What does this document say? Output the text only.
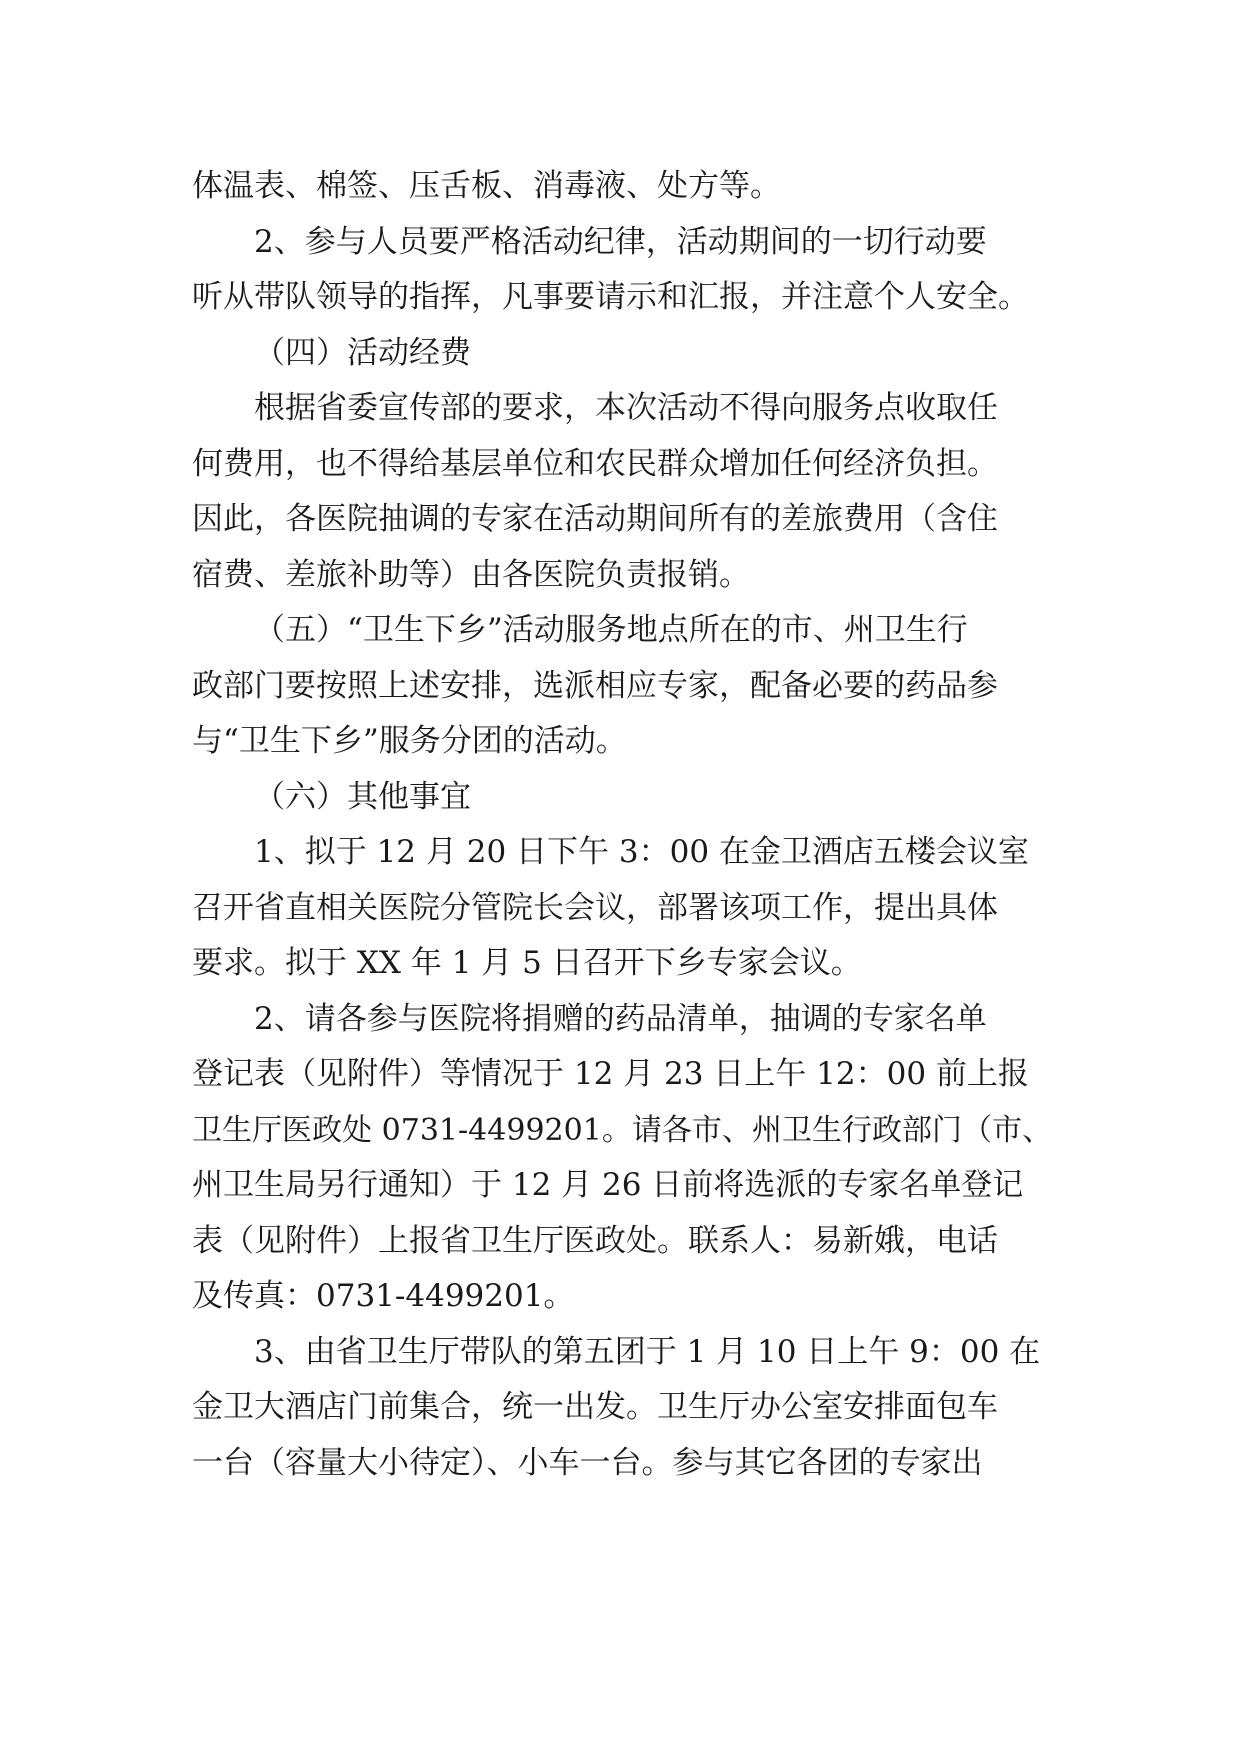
体温表、棉签、压舌板、消毒液、处方等。
2、参与人员要严格活动纪律，活动期间的一切行动要
听从带队领导的指挥，凡事要请示和汇报，并注意个人安全。
（四）活动经费
根据省委宣传部的要求，本次活动不得向服务点收取任
何费用，也不得给基层单位和农民群众增加任何经济负担。
因此，各医院抽调的专家在活动期间所有的差旅费用（含住
宿费、差旅补助等）由各医院负责报销。
（五）“卫生下乡”活动服务地点所在的市、州卫生行
政部门要按照上述安排，选派相应专家，配备必要的药品参
与“卫生下乡”服务分团的活动。
（六）其他事宜
1、拟于 12 月 20 日下午 3：00 在金卫酒店五楼会议室
召开省直相关医院分管院长会议，部署该项工作，提出具体
要求。拟于 XX 年 1 月 5 日召开下乡专家会议。
2、请各参与医院将捐赠的药品清单，抽调的专家名单
登记表（见附件）等情况于 12 月 23 日上午 12：00 前上报
卫生厅医政处 0731-4499201。请各市、州卫生行政部门（市、
州卫生局另行通知）于 12 月 26 日前将选派的专家名单登记
表（见附件）上报省卫生厅医政处。联系人：易新娥，电话
及传真：0731-4499201。
3、由省卫生厅带队的第五团于 1 月 10 日上午 9：00 在
金卫大酒店门前集合，统一出发。卫生厅办公室安排面包车
一台（容量大小待定）、小车一台。参与其它各团的专家出
